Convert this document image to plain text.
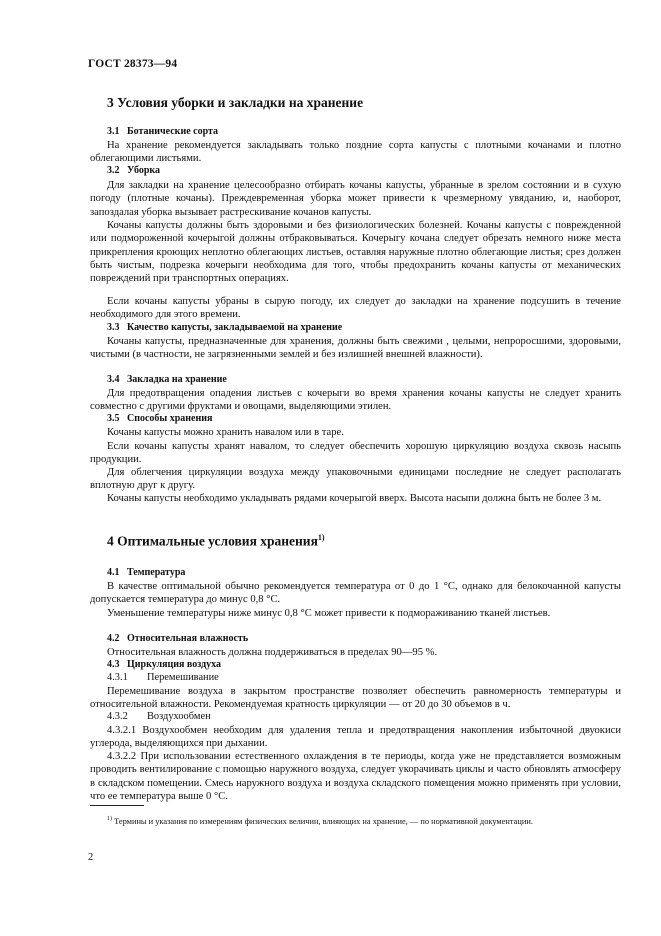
ГОСТ 28373—94
3 Условия уборки и закладки на хранение
3.1 Ботанические сорта

На хранение рекомендуется закладывать только поздние сорта капусты с плотными кочанами и плотно облегающими листьями.

3.2 Уборка

Для закладки на хранение целесообразно отбирать кочаны капусты, убранные в зрелом состоянии и в сухую погоду (плотные кочаны). Преждевременная уборка может привести к чрезмерному увяданию, и, наоборот, запоздалая уборка вызывает растрескивание кочанов капусты.

Кочаны капусты должны быть здоровыми и без физиологических болезней. Кочаны капусты с поврежденной или подмороженной кочерыгой должны отбраковываться. Кочерыгу кочана следует обрезать немного ниже места прикрепления кроющих неплотно облегающих листьев, оставляя наружные плотно облегающие листья; срез должен быть чистым, подрезка кочерыги необходима для того, чтобы предохранить кочаны капусты от механических повреждений при транспортных операциях.

Если кочаны капусты убраны в сырую погоду, их следует до закладки на хранение подсушить в течение необходимого для этого времени.

3.3 Качество капусты, закладываемой на хранение

Кочаны капусты, предназначенные для хранения, должны быть свежими , целыми, непроросшими, здоровыми, чистыми (в частности, не загрязненными землей и без излишней внешней влажности).

3.4 Закладка на хранение

Для предотвращения опадения листьев с кочерыги во время хранения кочаны капусты не следует хранить совместно с другими фруктами и овощами, выделяющими этилен.

3.5 Способы хранения

Кочаны капусты можно хранить навалом или в таре.

Если кочаны капусты хранят навалом, то следует обеспечить хорошую циркуляцию воздуха сквозь насыпь продукции.

Для облегчения циркуляции воздуха между упаковочными единицами последние не следует располагать вплотную друг к другу.

Кочаны капусты необходимо укладывать рядами кочерыгой вверх. Высота насыпи должна быть не более 3 м.

4 Оптимальные условия хранения$^{1)}$
4.1 Температура

В качестве оптимальной обычно рекомендуется температура от 0 до 1 °С, однако для белокочанной капусты допускается температура до минус 0,8 °С.

Уменьшение температуры ниже минус 0,8 °С может привести к подмораживанию тканей листьев.

4.2 Относительная влажность

Относительная влажность должна поддерживаться в пределах 90—95 %.

4.3 Циркуляция воздуха
4.3.1 Перемешивание

Перемешивание воздуха в закрытом пространстве позволяет обеспечить равномерность температуры и относительной влажности. Рекомендуемая кратность циркуляции — от 20 до 30 объемов в ч.

4.3.2 Воздухообмен

4.3.2.1 Воздухообмен необходим для удаления тепла и предотвращения накопления избыточной двуокиси углерода, выделяющихся при дыхании.

4.3.2.2 При использовании естественного охлаждения в те периоды, когда уже не представляется возможным проводить вентилирование с помощью наружного воздуха, следует укорачивать циклы и часто обновлять атмосферу в складском помещении. Смесь наружного воздуха и воздуха складского помещения можно применять при условии, что ее температура выше 0 °С.

$^{1)}$ Термины и указания по измерениям физических величин, влияющих на хранение, — по нормативной документации.

2
